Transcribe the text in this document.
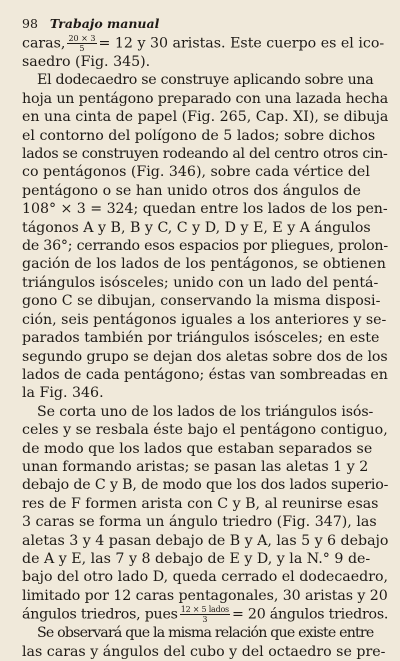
98 Trabajo manual
caras, $\frac{20 \times 3}{5} = 12$ y 30 aristas. Este cuerpo es el ico-
saedro (Fig. 345).
El dodecaedro se construye aplicando sobre una
hoja un pentágono preparado con una lazada hecha
en una cinta de papel (Fig. 265, Cap. XI), se dibuja
el contorno del polígono de 5 lados; sobre dichos
lados se construyen rodeando al del centro otros cin-
co pentágonos (Fig. 346), sobre cada vértice del
pentágono o se han unido otros dos ángulos de
108° × 3 = 324; quedan entre los lados de los pen-
tágonos A y B, B y C, C y D, D y E, E y A ángulos
de 36°; cerrando esos espacios por pliegues, prolon-
gación de los lados de los pentágonos, se obtienen
triángulos isósceles; unido con un lado del pentá-
gono C se dibujan, conservando la misma disposi-
ción, seis pentágonos iguales a los anteriores y se-
parados también por triángulos isósceles; en este
segundo grupo se dejan dos aletas sobre dos de los
lados de cada pentágono; éstas van sombreadas en
la Fig. 346.
Se corta uno de los lados de los triángulos isós-
celes y se resbala éste bajo el pentágono contiguo,
de modo que los lados que estaban separados se
unan formando aristas; se pasan las aletas 1 y 2
debajo de C y B, de modo que los dos lados superio-
res de F formen arista con C y B, al reunirse esas
3 caras se forma un ángulo triedro (Fig. 347), las
aletas 3 y 4 pasan debajo de B y A, las 5 y 6 debajo
de A y E, las 7 y 8 debajo de E y D, y la N.° 9 de-
bajo del otro lado D, queda cerrado el dodecaedro,
limitado por 12 caras pentagonales, 30 aristas y 20
ángulos triedros, pues $\frac{\text{12 × 5 lados}}{3} = 20$ ángulos triedros.
Se observará que la misma relación que existe entre
las caras y ángulos del cubo y del octaedro se pre-
